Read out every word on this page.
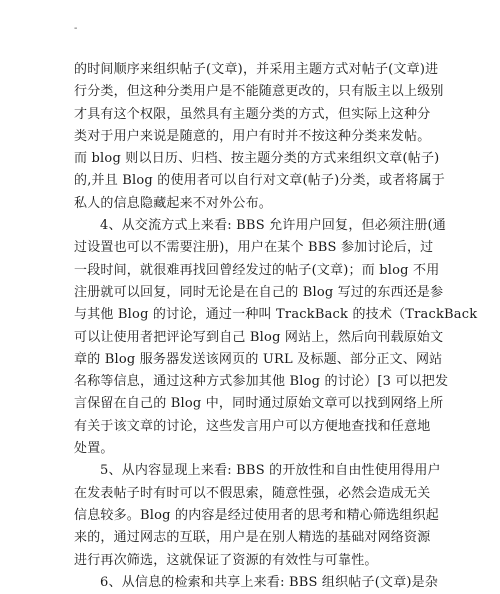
-
的时间顺序来组织帖子(文章)，并采用主题方式对帖子(文章)进
行分类，但这种分类用户是不能随意更改的，只有版主以上级别
才具有这个权限，虽然具有主题分类的方式，但实际上这种分
类对于用户来说是随意的，用户有时并不按这种分类来发帖。
而 blog 则以日历、归档、按主题分类的方式来组织文章(帖子)
的,并且 Blog 的使用者可以自行对文章(帖子)分类，或者将属于
私人的信息隐藏起来不对外公布。
4、从交流方式上来看: BBS 允许用户回复，但必须注册(通
过设置也可以不需要注册)，用户在某个 BBS 参加讨论后，过
一段时间，就很难再找回曾经发过的帖子(文章)；而 blog 不用
注册就可以回复，同时无论是在自己的 Blog 写过的东西还是参
与其他 Blog 的讨论，通过一种叫 TrackBack 的技术（TrackBack
可以让使用者把评论写到自己 Blog 网站上，然后向刊载原始文
章的 Blog 服务器发送该网页的 URL 及标题、部分正文、网站
名称等信息，通过这种方式参加其他 Blog 的讨论）[3 可以把发
言保留在自己的 Blog 中，同时通过原始文章可以找到网络上所
有关于该文章的讨论，这些发言用户可以方便地查找和任意地
处置。
5、从内容显现上来看: BBS 的开放性和自由性使用得用户
在发表帖子时有时可以不假思索，随意性强，必然会造成无关
信息较多。Blog 的内容是经过使用者的思考和精心筛选组织起
来的，通过网志的互联，用户是在别人精选的基础对网络资源
进行再次筛选，这就保证了资源的有效性与可靠性。
6、从信息的检索和共享上来看: BBS 组织帖子(文章)是杂
